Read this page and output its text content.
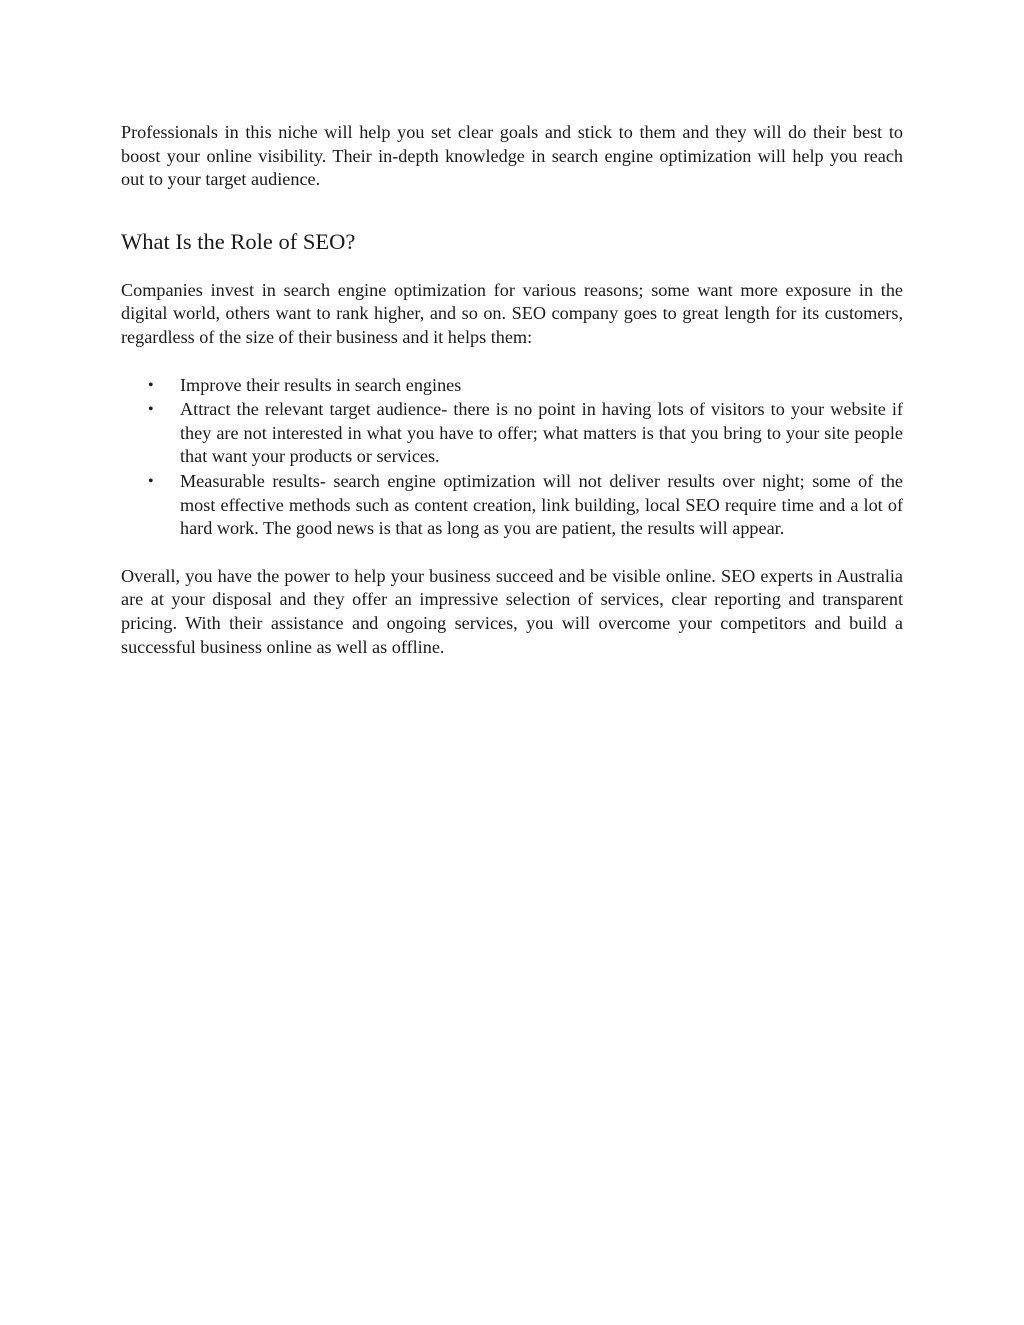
Professionals in this niche will help you set clear goals and stick to them and they will do their best to boost your online visibility. Their in-depth knowledge in search engine optimization will help you reach out to your target audience.

What Is the Role of SEO?

Companies invest in search engine optimization for various reasons; some want more exposure in the digital world, others want to rank higher, and so on. SEO company goes to great length for its customers, regardless of the size of their business and it helps them:

•	Improve their results in search engines
•	Attract the relevant target audience- there is no point in having lots of visitors to your website if they are not interested in what you have to offer; what matters is that you bring to your site people that want your products or services.
•	Measurable results- search engine optimization will not deliver results over night; some of the most effective methods such as content creation, link building, local SEO require time and a lot of hard work. The good news is that as long as you are patient, the results will appear.

Overall, you have the power to help your business succeed and be visible online. SEO experts in Australia are at your disposal and they offer an impressive selection of services, clear reporting and transparent pricing. With their assistance and ongoing services, you will overcome your competitors and build a successful business online as well as offline.
